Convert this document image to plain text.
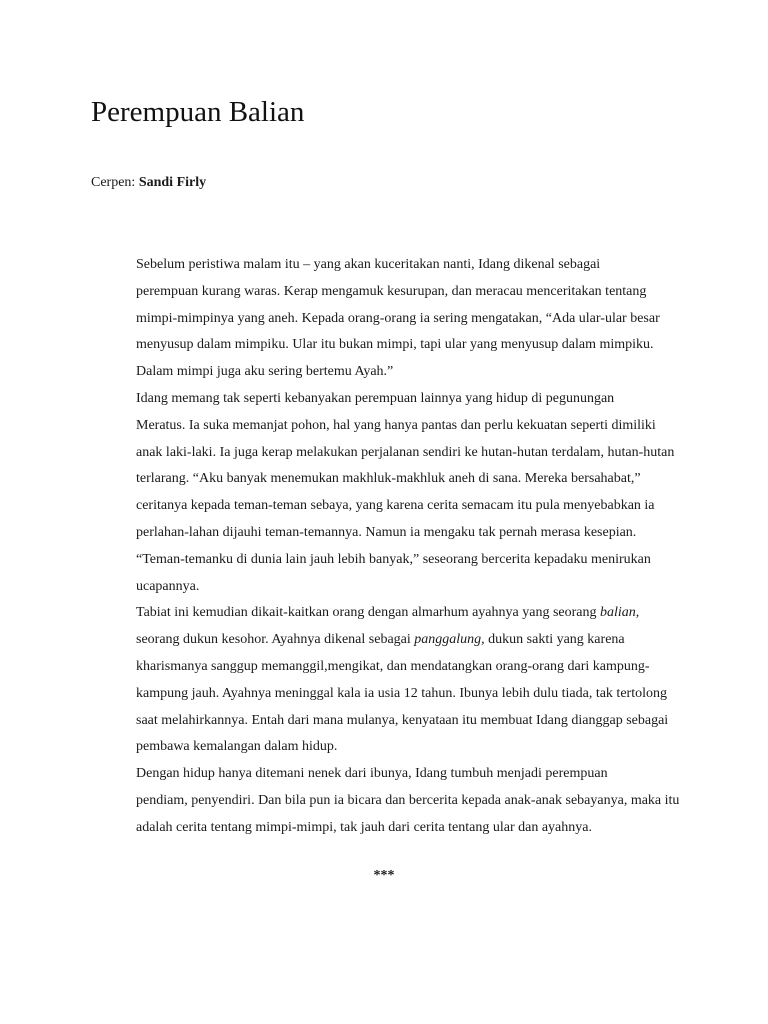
Perempuan Balian
Cerpen: Sandi Firly

Sebelum peristiwa malam itu – yang akan kuceritakan nanti, Idang dikenal sebagai
perempuan kurang waras. Kerap mengamuk kesurupan, dan meracau menceritakan tentang
mimpi-mimpinya yang aneh. Kepada orang-orang ia sering mengatakan, “Ada ular-ular besar
menyusup dalam mimpiku. Ular itu bukan mimpi, tapi ular yang menyusup dalam mimpiku.
Dalam mimpi juga aku sering bertemu Ayah.”

Idang memang tak seperti kebanyakan perempuan lainnya yang hidup di pegunungan
Meratus. Ia suka memanjat pohon, hal yang hanya pantas dan perlu kekuatan seperti dimiliki
anak laki-laki. Ia juga kerap melakukan perjalanan sendiri ke hutan-hutan terdalam, hutan-hutan
terlarang. “Aku banyak menemukan makhluk-makhluk aneh di sana. Mereka bersahabat,”
ceritanya kepada teman-teman sebaya, yang karena cerita semacam itu pula menyebabkan ia
perlahan-lahan dijauhi teman-temannya. Namun ia mengaku tak pernah merasa kesepian.
“Teman-temanku di dunia lain jauh lebih banyak,” seseorang bercerita kepadaku menirukan
ucapannya.

Tabiat ini kemudian dikait-kaitkan orang dengan almarhum ayahnya yang seorang balian,
seorang dukun kesohor. Ayahnya dikenal sebagai panggalung, dukun sakti yang karena
kharismanya sanggup memanggil,mengikat, dan mendatangkan orang-orang dari kampung-
kampung jauh. Ayahnya meninggal kala ia usia 12 tahun. Ibunya lebih dulu tiada, tak tertolong
saat melahirkannya. Entah dari mana mulanya, kenyataan itu membuat Idang dianggap sebagai
pembawa kemalangan dalam hidup.

Dengan hidup hanya ditemani nenek dari ibunya, Idang tumbuh menjadi perempuan
pendiam, penyendiri. Dan bila pun ia bicara dan bercerita kepada anak-anak sebayanya, maka itu
adalah cerita tentang mimpi-mimpi, tak jauh dari cerita tentang ular dan ayahnya.

***
